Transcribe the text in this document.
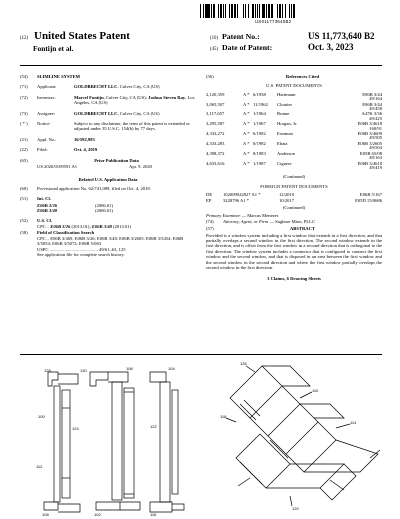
US011773640B2
(12) United States Patent
Fontijn et al.
(10) Patent No.:	US 11,773,640 B2
(45) Date of Patent:	Oct. 3, 2023
(54)	SLIMLINE SYSTEM
(71)	Applicant:	GOLDBRECHT LLC, Culver City, CA (US)
(72)	Inventors:	Marcel Fontijn, Culver City, CA (US); Joshua Steven Ray, Los Angeles, CA (US)
(73)	Assignee:	GOLDBRECHT LLC, Culver City, CA (US)
( * )	Notice:	Subject to any disclaimer, the term of this patent is extended or adjusted under 35 U.S.C. 154(b) by 77 days.
(21)	Appl. No.:	16/592,983
(22)	Filed:	Oct. 4, 2019
(65)	Prior Publication Data
US 2020/0109591 A1	Apr. 9, 2020
Related U.S. Application Data
(60)	Provisional application No. 62/741,089, filed on Oct. 4, 2018.
(51)	Int. Cl.
E06B 3/26	(2006.01)
E06B 3/48	(2006.01)
(52)	U.S. Cl.
CPC .. E06B 3/26 (2013.01); E06B 3/48 (2013.01)
(58)	Field of Classification Search
CPC .. E06B 3/469; E06B 3/26; E06B 3/48; E06B 3/2605; E06B 3/5454; E06B 3/5054; E06B 3/5072; E06B 5/063
USPC .......................................... 49/61–63, 125
See application file for complete search history.
(56)	References Cited
U.S. PATENT DOCUMENTS
2,120,359	A * 6/1938	Hartmann	E06B 3/44
49/164
3,065,507	A * 11/1962	Cloutier	E06B 3/44
49/458
3,117,657	A * 1/1964	Brame	A47K 3/36
49/425
3,295,587	A * 1/1967	Horgan, Jr.	E06B 3/4618
160/91
4,333,272	A * 6/1982	Eastman	E06B 3/4609
49/505
4,333,283	A * 6/1982	Ebata	E06B 3/2605
49/504
4,398,372	A * 8/1983	Anderson	E05B 65/08
49/163
4,633,616	A * 1/1987	Ciguere	E06B 3/4618
49/419
(Continued)
FOREIGN PATENT DOCUMENTS
DE	102009022827 A1 *	12/2010	E06B 5/167
EP	3228796 A1 *	10/2017	E05D 15/0686
(Continued)
Primary Examiner — Marcus Menezes
(74)	Attorney, Agent, or Firm — Sughrue Mion, PLLC
(57)	ABSTRACT
Provided is a window system including a first window that extends in a first direction, and that partially overlaps a second window in the first direction. The second window extends in the first direction, and is offset from the first window in a second direction that is orthogonal to the first direction. The window system includes a connector that is configured to connect the first window and the second window, and that is disposed in an area between the first window and the second window in the second direction and where the first window partially overlaps the second window in the first direction.
3 Claims, 6 Drawing Sheets
128	130	106	104
100
124
112
122
108	102	116
126
110
118
114
120
